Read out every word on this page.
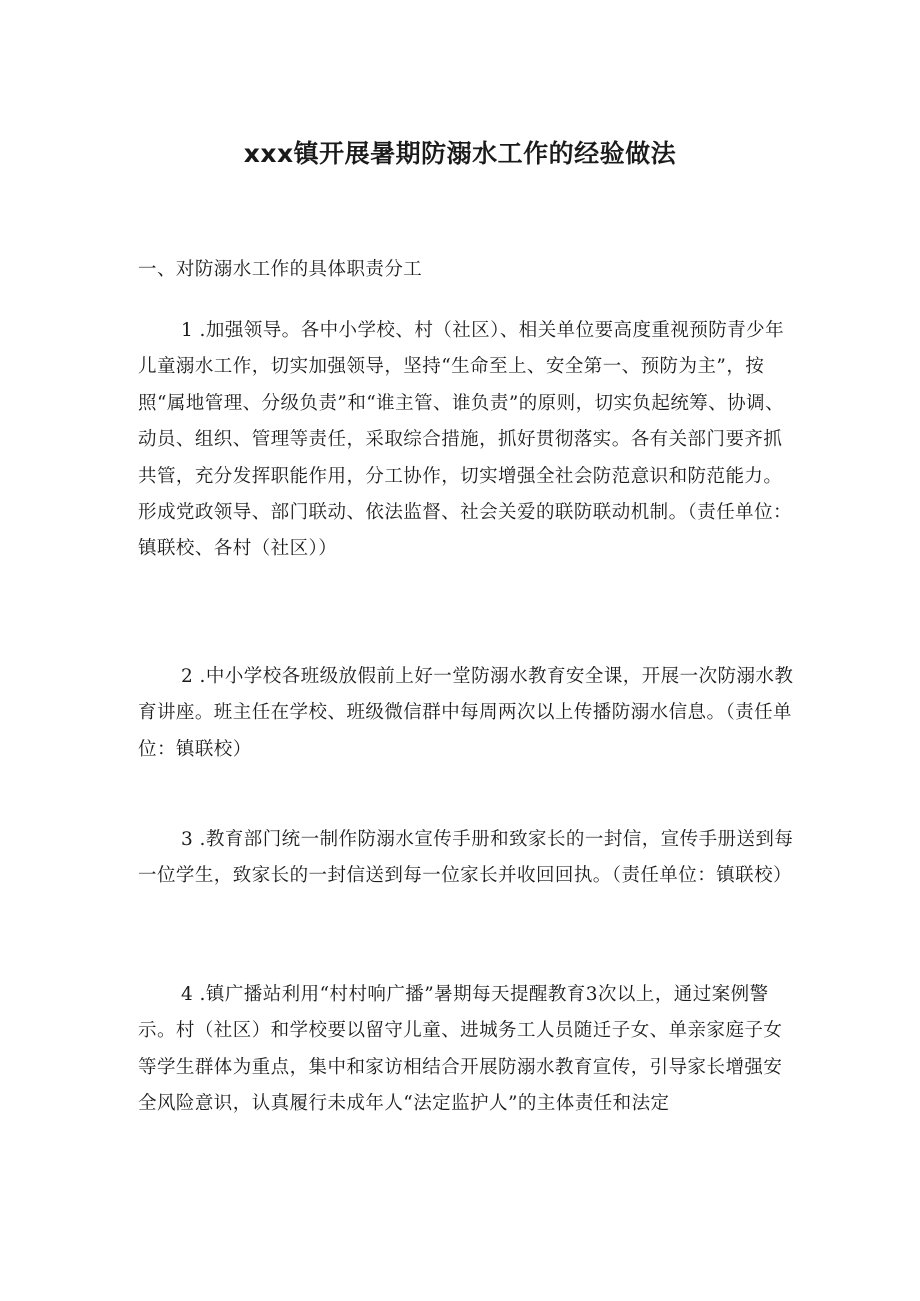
xxx镇开展暑期防溺水工作的经验做法

一、对防溺水工作的具体职责分工

1 .加强领导。各中小学校、村（社区）、相关单位要高度重视预防青少年儿童溺水工作，切实加强领导，坚持“生命至上、安全第一、预防为主”，按照“属地管理、分级负责”和“谁主管、谁负责”的原则，切实负起统筹、协调、动员、组织、管理等责任，采取综合措施，抓好贯彻落实。各有关部门要齐抓共管，充分发挥职能作用，分工协作，切实增强全社会防范意识和防范能力。形成党政领导、部门联动、依法监督、社会关爱的联防联动机制。（责任单位：镇联校、各村（社区））

2 .中小学校各班级放假前上好一堂防溺水教育安全课，开展一次防溺水教育讲座。班主任在学校、班级微信群中每周两次以上传播防溺水信息。（责任单位：镇联校）

3 .教育部门统一制作防溺水宣传手册和致家长的一封信，宣传手册送到每一位学生，致家长的一封信送到每一位家长并收回回执。（责任单位：镇联校）

4 .镇广播站利用“村村响广播”暑期每天提醒教育3次以上，通过案例警示。村（社区）和学校要以留守儿童、进城务工人员随迁子女、单亲家庭子女等学生群体为重点，集中和家访相结合开展防溺水教育宣传，引导家长增强安全风险意识，认真履行未成年人“法定监护人”的主体责任和法定
